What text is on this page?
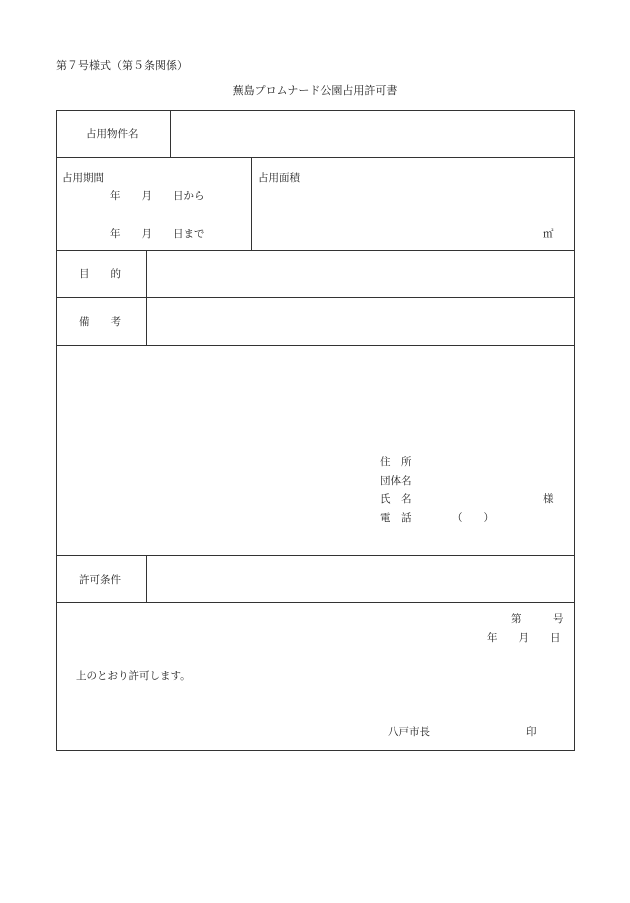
第７号様式（第５条関係）
蕪島プロムナード公園占用許可書
占用物件名
占用期間
年　　月　　日から
年　　月　　日まで
占用面積
㎡
目　　的
備　　考
住　所
団体名
氏　名	様
電　話	（　　）
許可条件
第　　　号
年　　月　　日
上のとおり許可します。
八戸市長	印
